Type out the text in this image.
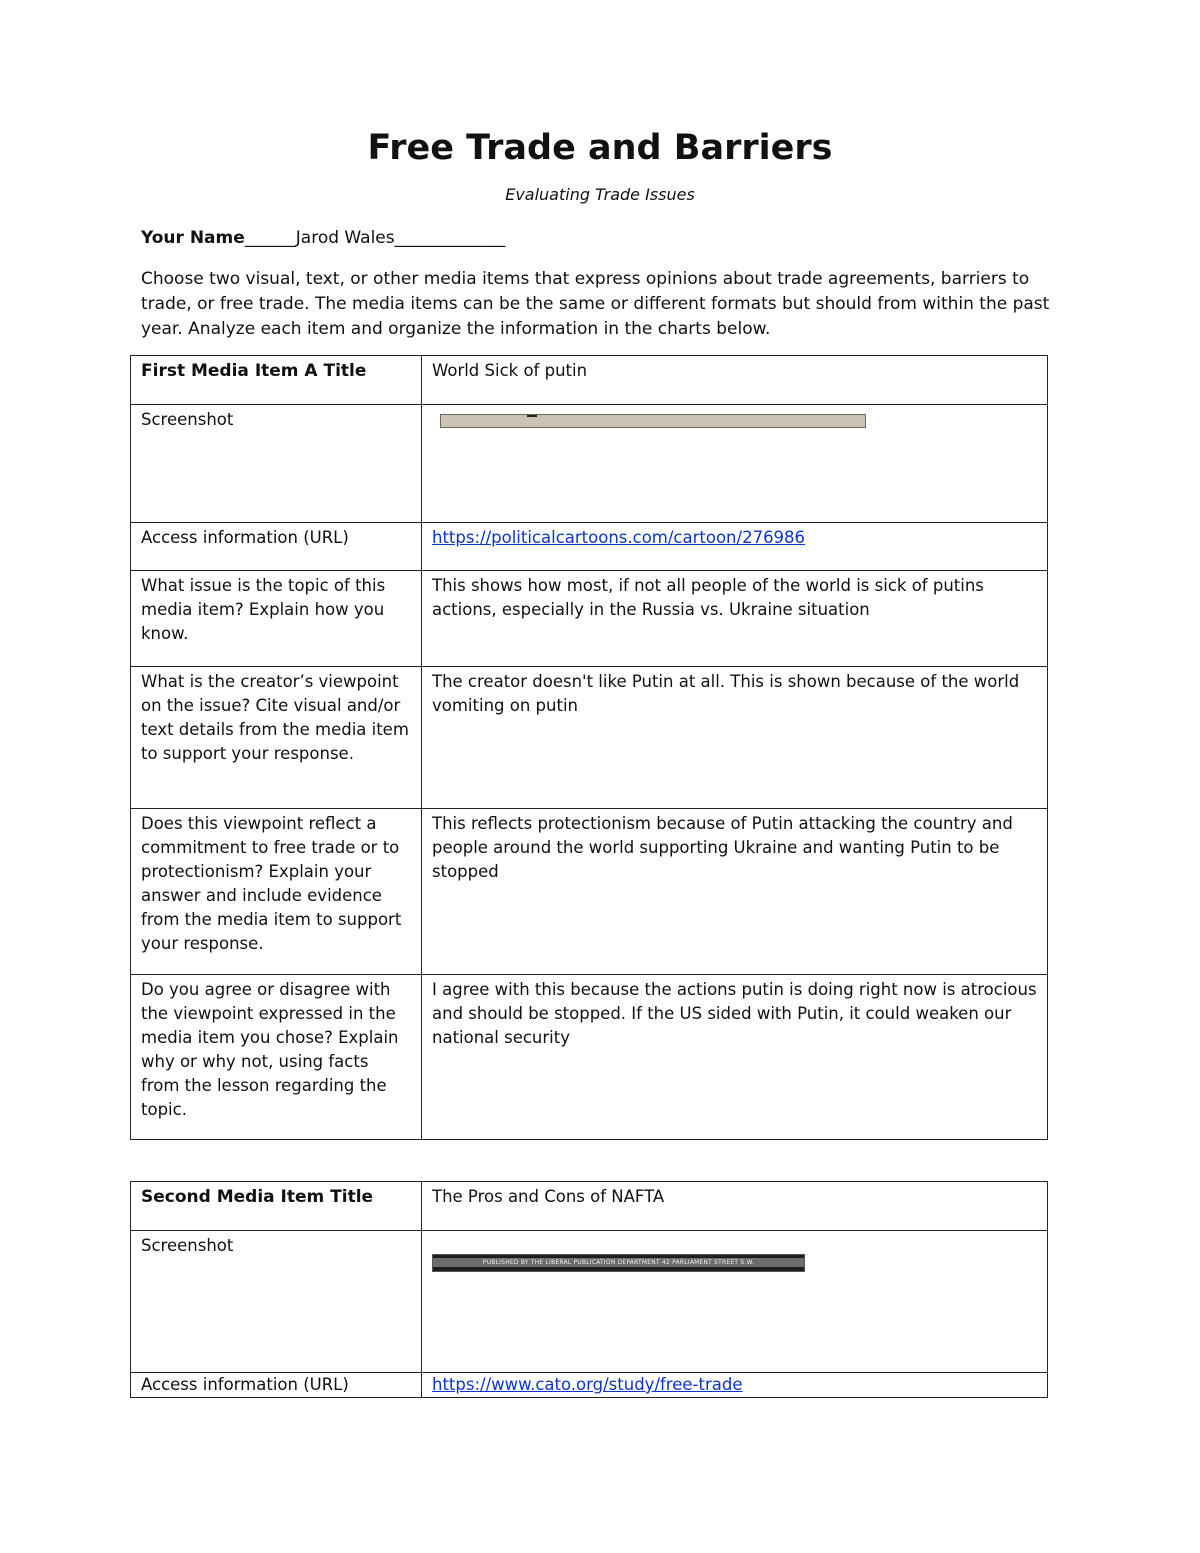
Free Trade and Barriers
Evaluating Trade Issues
Your Name______Jarod Wales_____________
Choose two visual, text, or other media items that express opinions about trade agreements, barriers to trade, or free trade. The media items can be the same or different formats but should from within the past year. Analyze each item and organize the information in the charts below.
First Media Item A Title	World Sick of putin
Screenshot	

Access information (URL)	https://politicalcartoons.com/cartoon/276986
What issue is the topic of this media item? Explain how you know.	This shows how most, if not all people of the world is sick of putins actions, especially in the Russia vs. Ukraine situation
What is the creator’s viewpoint on the issue? Cite visual and/or text details from the media item to support your response.	The creator doesn't like Putin at all. This is shown because of the world vomiting on putin
Does this viewpoint reflect a commitment to free trade or to protectionism? Explain your answer and include evidence from the media item to support your response.	This reflects protectionism because of Putin attacking the country and people around the world supporting Ukraine and wanting Putin to be stopped
Do you agree or disagree with the viewpoint expressed in the media item you chose? Explain why or why not, using facts from the lesson regarding the topic.	I agree with this because the actions putin is doing right now is atrocious and should be stopped. If the US sided with Putin, it could weaken our national security
Second Media Item Title	The Pros and Cons of NAFTA
Screenshot	PUBLISHED BY THE LIBERAL PUBLICATION DEPARTMENT 42 PARLIAMENT STREET S.W.

Access information (URL)	https://www.cato.org/study/free-trade
